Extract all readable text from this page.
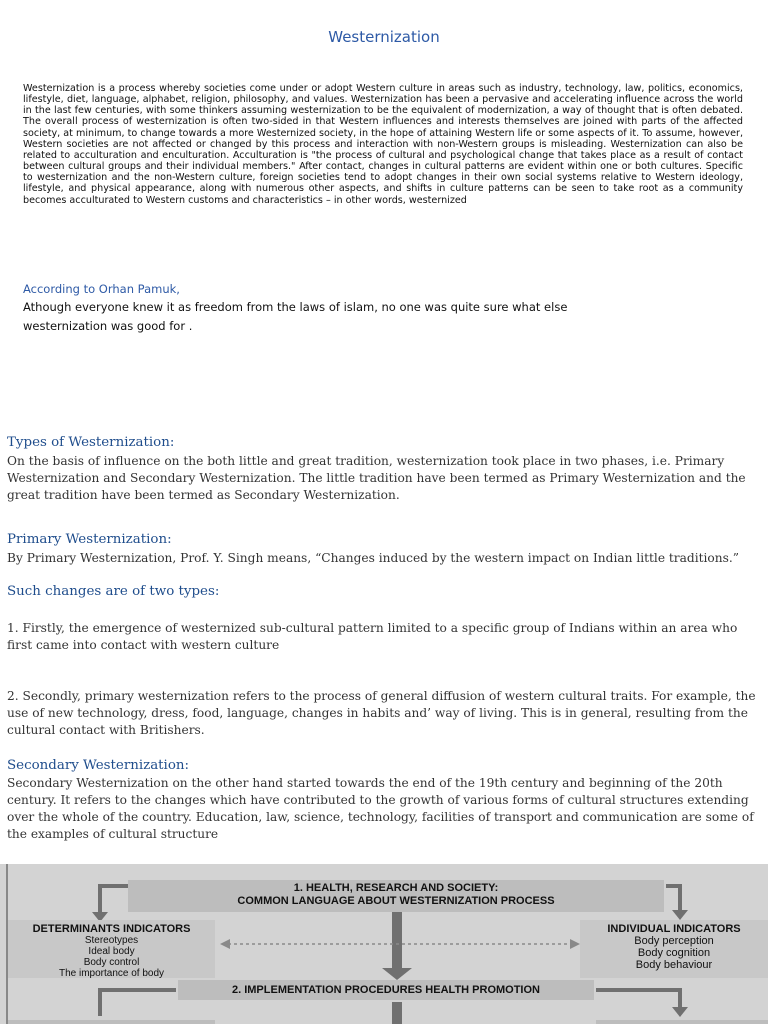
Westernization
Westernization is a process whereby societies come under or adopt Western culture in areas such as industry, technology, law, politics, economics, lifestyle, diet, language, alphabet, religion, philosophy, and values. Westernization has been a pervasive and accelerating influence across the world in the last few centuries, with some thinkers assuming westernization to be the equivalent of modernization, a way of thought that is often debated. The overall process of westernization is often two-sided in that Western influences and interests themselves are joined with parts of the affected society, at minimum, to change towards a more Westernized society, in the hope of attaining Western life or some aspects of it. To assume, however, Western societies are not affected or changed by this process and interaction with non-Western groups is misleading. Westernization can also be related to acculturation and enculturation. Acculturation is "the process of cultural and psychological change that takes place as a result of contact between cultural groups and their individual members." After contact, changes in cultural patterns are evident within one or both cultures. Specific to westernization and the non-Western culture, foreign societies tend to adopt changes in their own social systems relative to Western ideology, lifestyle, and physical appearance, along with numerous other aspects, and shifts in culture patterns can be seen to take root as a community becomes acculturated to Western customs and characteristics – in other words, westernized
According to Orhan Pamuk,
Athough everyone knew it as freedom from the laws of islam, no one was quite sure what else
westernization was good for .
Types of Westernization:
On the basis of influence on the both little and great tradition, westernization took place in two phases, i.e. Primary Westernization and Secondary Westernization. The little tradition have been termed as Primary Westernization and the great tradition have been termed as Secondary Westernization.
Primary Westernization:
By Primary Westernization, Prof. Y. Singh means, “Changes induced by the western impact on Indian little traditions.”
Such changes are of two types:
1. Firstly, the emergence of westernized sub-cultural pattern limited to a specific group of Indians within an area who first came into contact with western culture
2. Secondly, primary westernization refers to the process of general diffusion of western cultural traits. For example, the use of new technology, dress, food, language, changes in habits and’ way of living. This is in general, resulting from the cultural contact with Britishers.
Secondary Westernization:
Secondary Westernization on the other hand started towards the end of the 19th century and beginning of the 20th century. It refers to the changes which have contributed to the growth of various forms of cultural structures extending over the whole of the country. Education, law, science, technology, facilities of transport and communication are some of the examples of cultural structure
1. HEALTH, RESEARCH AND SOCIETY:
COMMON LANGUAGE ABOUT WESTERNIZATION PROCESS
DETERMINANTS INDICATORS
Stereotypes
Ideal body
Body control
The importance of body
INDIVIDUAL INDICATORS
Body perception
Body cognition
Body behaviour
2. IMPLEMENTATION PROCEDURES HEALTH PROMOTION
